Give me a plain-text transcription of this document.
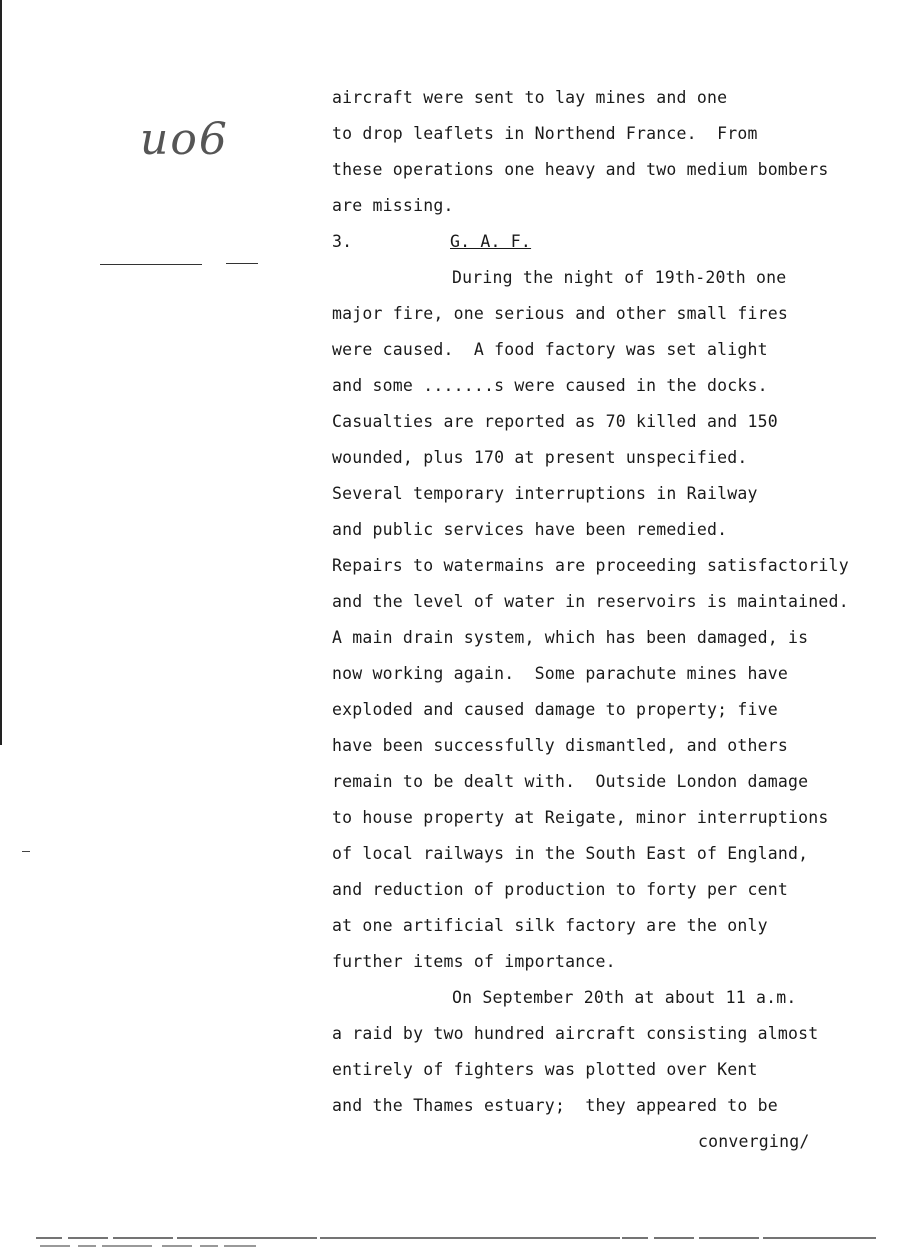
uo6
aircraft were sent to lay mines and one
to drop leaflets in Northend France.  From
these operations one heavy and two medium bombers
are missing.
3.	G. A. F.
During the night of 19th-20th one
major fire, one serious and other small fires
were caused.  A food factory was set alight
and some .......s were caused in the docks.
Casualties are reported as 70 killed and 150
wounded, plus 170 at present unspecified.
Several temporary interruptions in Railway
and public services have been remedied.
Repairs to watermains are proceeding satisfactorily
and the level of water in reservoirs is maintained.
A main drain system, which has been damaged, is
now working again.  Some parachute mines have
exploded and caused damage to property; five
have been successfully dismantled, and others
remain to be dealt with.  Outside London damage
to house property at Reigate, minor interruptions
of local railways in the South East of England,
and reduction of production to forty per cent
at one artificial silk factory are the only
further items of importance.
On September 20th at about 11 a.m.
a raid by two hundred aircraft consisting almost
entirely of fighters was plotted over Kent
and the Thames estuary;  they appeared to be
converging/
